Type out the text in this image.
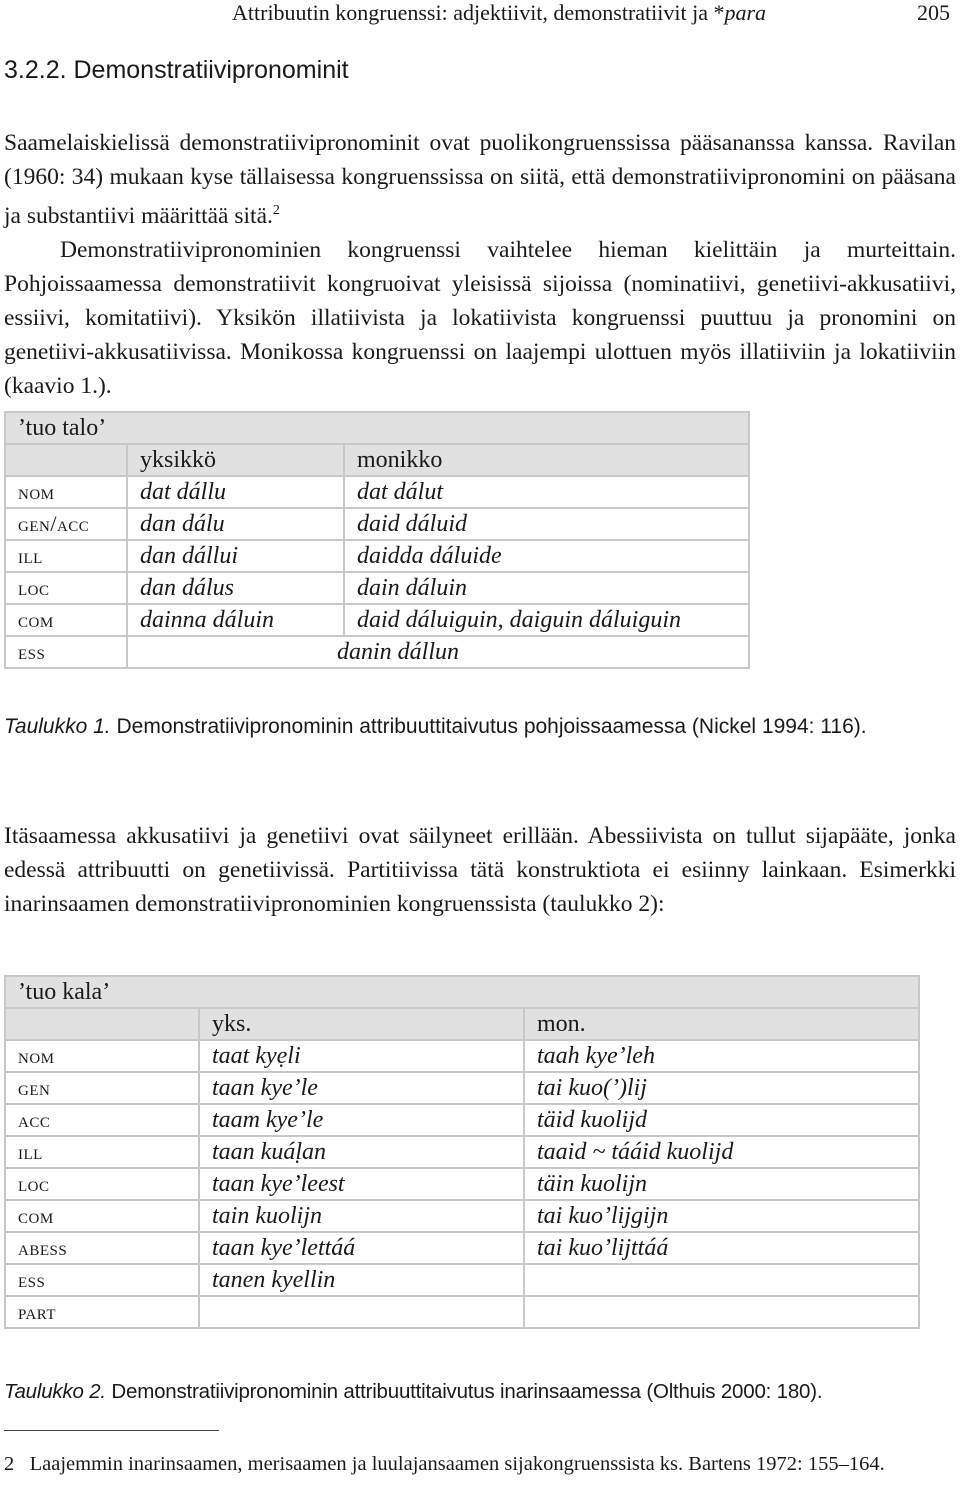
Attribuutin kongruenssi: adjektiivit, demonstratiivit ja *para	205
3.2.2. Demonstratiivipronominit

Saamelaiskielissä demonstratiivipronominit ovat puolikongruenssissa pääsananssa kanssa. Ravilan (1960: 34) mukaan kyse tällaisessa kongruenssissa on siitä, että demonstratiivipronomini on pääsana ja substantiivi määrittää sitä.$^2$

Demonstratiivipronominien kongruenssi vaihtelee hieman kielittäin ja murteittain. Pohjoissaamessa demonstratiivit kongruoivat yleisissä sijoissa (nominatiivi, genetiivi-akkusatiivi, essiivi, komitatiivi). Yksikön illatiivista ja lokatiivista kongruenssi puuttuu ja pronomini on genetiivi-akkusatiivissa. Monikossa kongruenssi on laajempi ulottuen myös illatiiviin ja lokatiiviin (kaavio 1.).

’tuo talo’		
	yksikkö	monikko
nom	dat dállu	dat dálut
gen/acc	dan dálu	daid dáluid
ill	dan dállui	daidda dáluide
loc	dan dálus	dain dáluin
com	dainna dáluin	daid dáluiguin, daiguin dáluiguin
ess	danin dállun	
Taulukko 1. Demonstratiivipronominin attribuuttitaivutus pohjoissaamessa (Nickel 1994: 116).

Itäsaamessa akkusatiivi ja genetiivi ovat säilyneet erillään. Abessiivista on tullut sijapääte, jonka edessä attribuutti on genetiivissä. Partitiivissa tätä konstruktiota ei esiinny lainkaan. Esimerkki inarinsaamen demonstratiivipronominien kongruenssista (taulukko 2):

’tuo kala’		
	yks.	mon.
nom	taat kyẹli	taah kye’leh
gen	taan kye’le	tai kuo(’)lij
acc	taam kye’le	täid kuolijd
ill	taan kuáḷan	taaid ~ tááid kuolijd
loc	taan kye’leest	täin kuolijn
com	tain kuolijn	tai kuo’lijgijn
abess	taan kye’lettáá	tai kuo’lijttáá
ess	tanen kyellin	
part		
Taulukko 2. Demonstratiivipronominin attribuuttitaivutus inarinsaamessa (Olthuis 2000: 180).
2 Laajemmin inarinsaamen, merisaamen ja luulajansaamen sijakongruenssista ks. Bartens 1972: 155–164.
